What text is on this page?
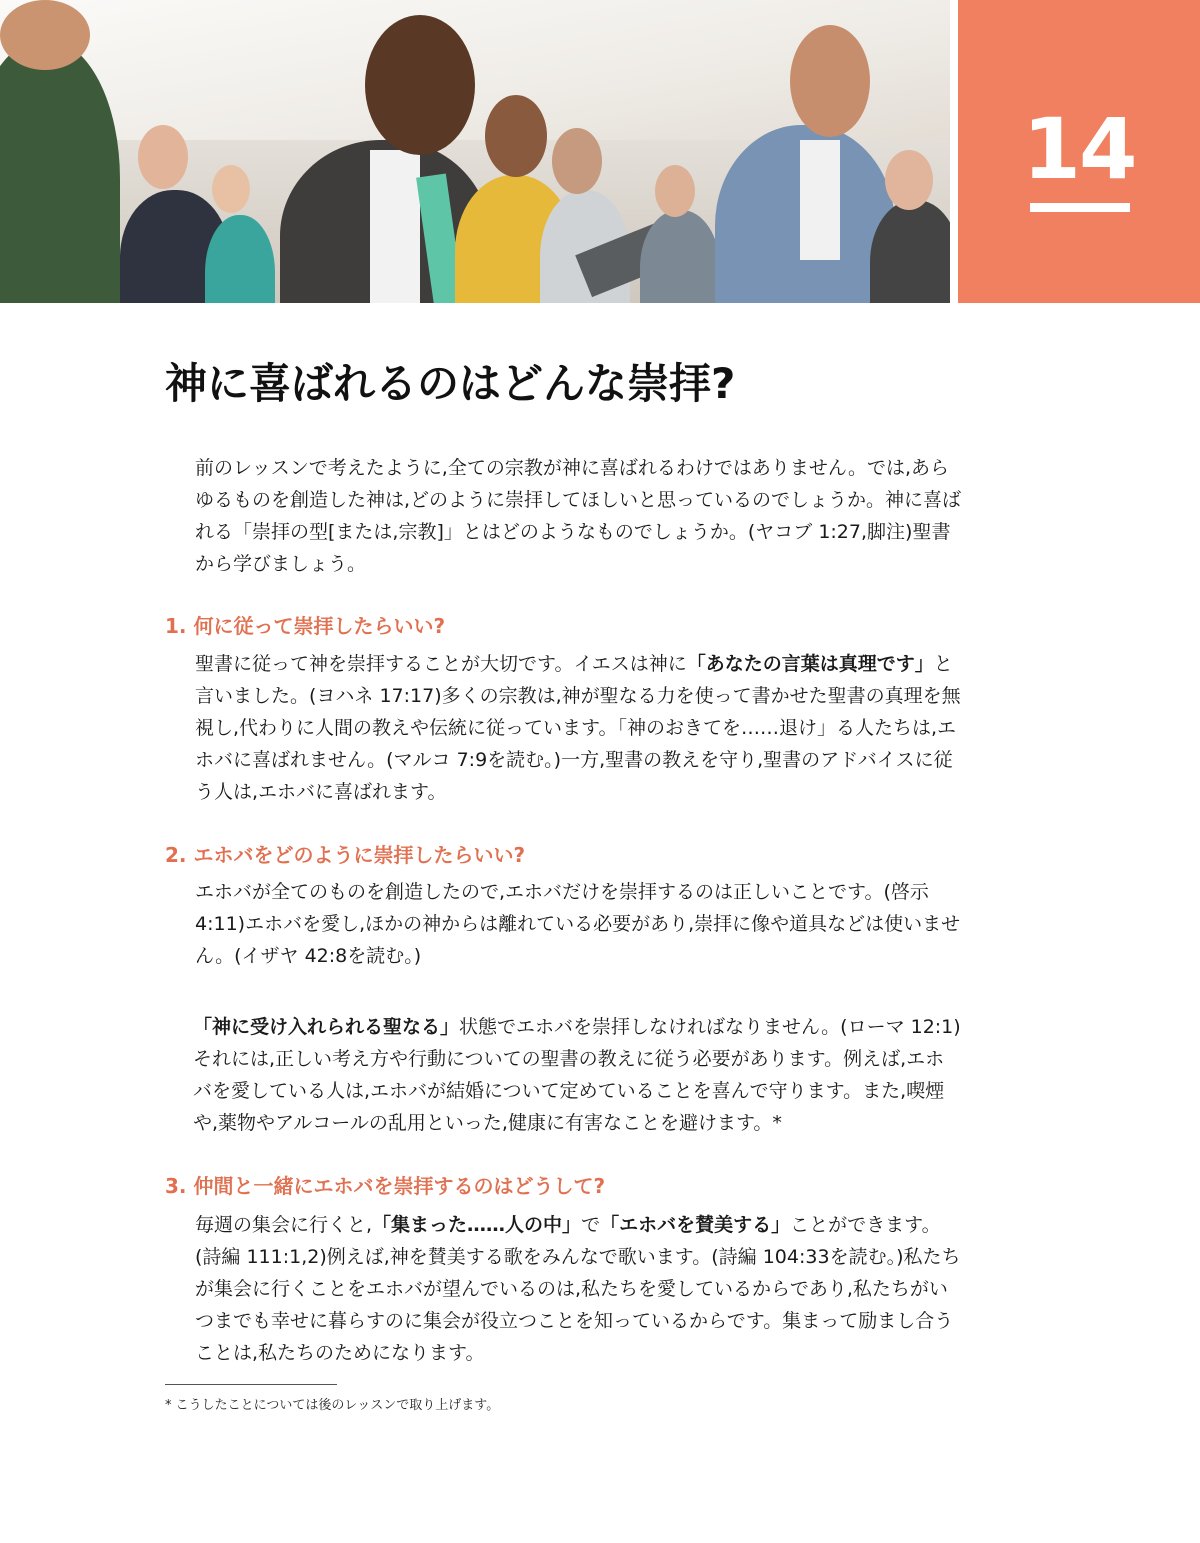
14
神に喜ばれるのはどんな崇拝?

前のレッスンで考えたように,全ての宗教が神に喜ばれるわけではありません。では,あらゆるものを創造した神は,どのように崇拝してほしいと思っているのでしょうか。神に喜ばれる「崇拝の型[または,宗教]」とはどのようなものでしょうか。(ヤコブ 1:27,脚注)聖書から学びましょう。

1. 何に従って崇拝したらいい?

聖書に従って神を崇拝することが大切です。イエスは神に「あなたの言葉は真理です」と言いました。(ヨハネ 17:17)多くの宗教は,神が聖なる力を使って書かせた聖書の真理を無視し,代わりに人間の教えや伝統に従っています。「神のおきてを……退け」る人たちは,エホバに喜ばれません。(マルコ 7:9を読む。)一方,聖書の教えを守り,聖書のアドバイスに従う人は,エホバに喜ばれます。

2. エホバをどのように崇拝したらいい?

エホバが全てのものを創造したので,エホバだけを崇拝するのは正しいことです。(啓示 4:11)エホバを愛し,ほかの神からは離れている必要があり,崇拝に像や道具などは使いません。(イザヤ 42:8を読む。)

「神に受け入れられる聖なる」状態でエホバを崇拝しなければなりません。(ローマ 12:1)それには,正しい考え方や行動についての聖書の教えに従う必要があります。例えば,エホバを愛している人は,エホバが結婚について定めていることを喜んで守ります。また,喫煙や,薬物やアルコールの乱用といった,健康に有害なことを避けます。*

3. 仲間と一緒にエホバを崇拝するのはどうして?

毎週の集会に行くと,「集まった……人の中」で「エホバを賛美する」ことができます。(詩編 111:1,2)例えば,神を賛美する歌をみんなで歌います。(詩編 104:33を読む。)私たちが集会に行くことをエホバが望んでいるのは,私たちを愛しているからであり,私たちがいつまでも幸せに暮らすのに集会が役立つことを知っているからです。集まって励まし合うことは,私たちのためになります。

* こうしたことについては後のレッスンで取り上げます。
